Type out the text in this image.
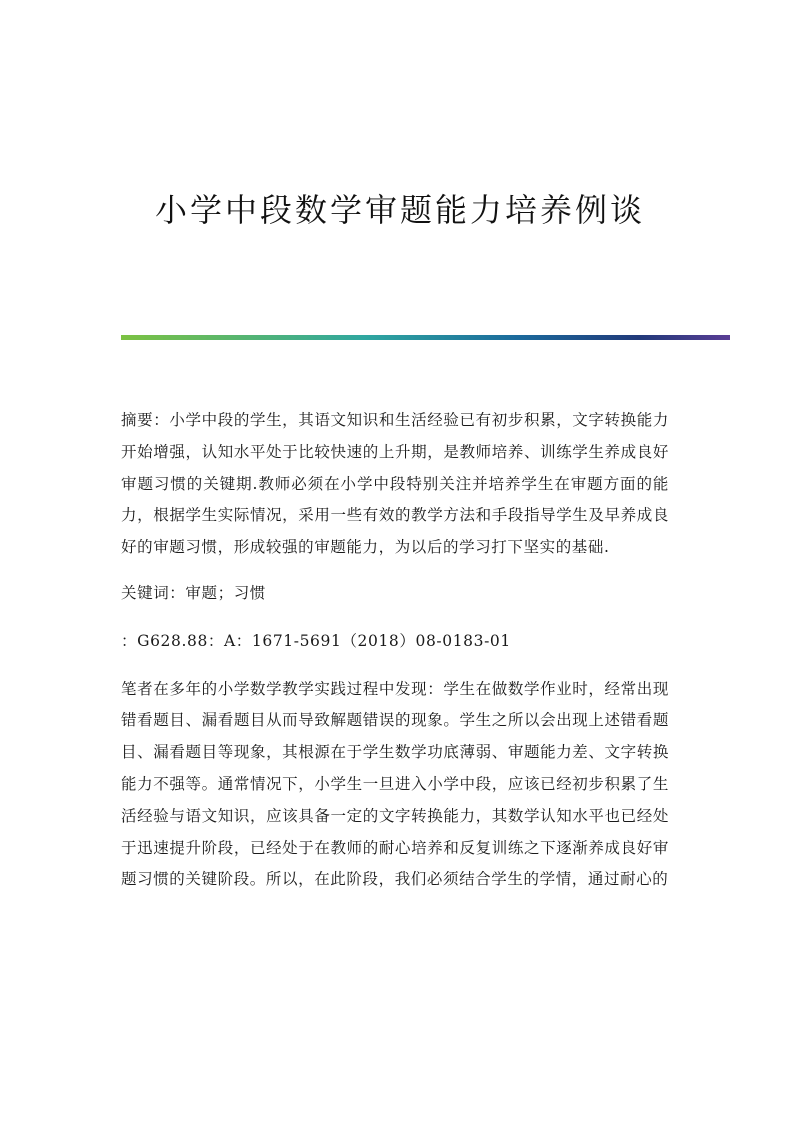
小学中段数学审题能力培养例谈

摘要：小学中段的学生，其语文知识和生活经验已有初步积累，文字转换能力开始增强，认知水平处于比较快速的上升期，是教师培养、训练学生养成良好审题习惯的关键期.教师必须在小学中段特别关注并培养学生在审题方面的能力，根据学生实际情况，采用一些有效的教学方法和手段指导学生及早养成良好的审题习惯，形成较强的审题能力，为以后的学习打下坚实的基础.

关键词：审题；习惯

：G628.88：A：1671-5691（2018）08-0183-01

笔者在多年的小学数学教学实践过程中发现：学生在做数学作业时，经常出现错看题目、漏看题目从而导致解题错误的现象。学生之所以会出现上述错看题目、漏看题目等现象，其根源在于学生数学功底薄弱、审题能力差、文字转换能力不强等。通常情况下，小学生一旦进入小学中段，应该已经初步积累了生活经验与语文知识，应该具备一定的文字转换能力，其数学认知水平也已经处于迅速提升阶段，已经处于在教师的耐心培养和反复训练之下逐渐养成良好审题习惯的关键阶段。所以，在此阶段，我们必须结合学生的学情，通过耐心的
